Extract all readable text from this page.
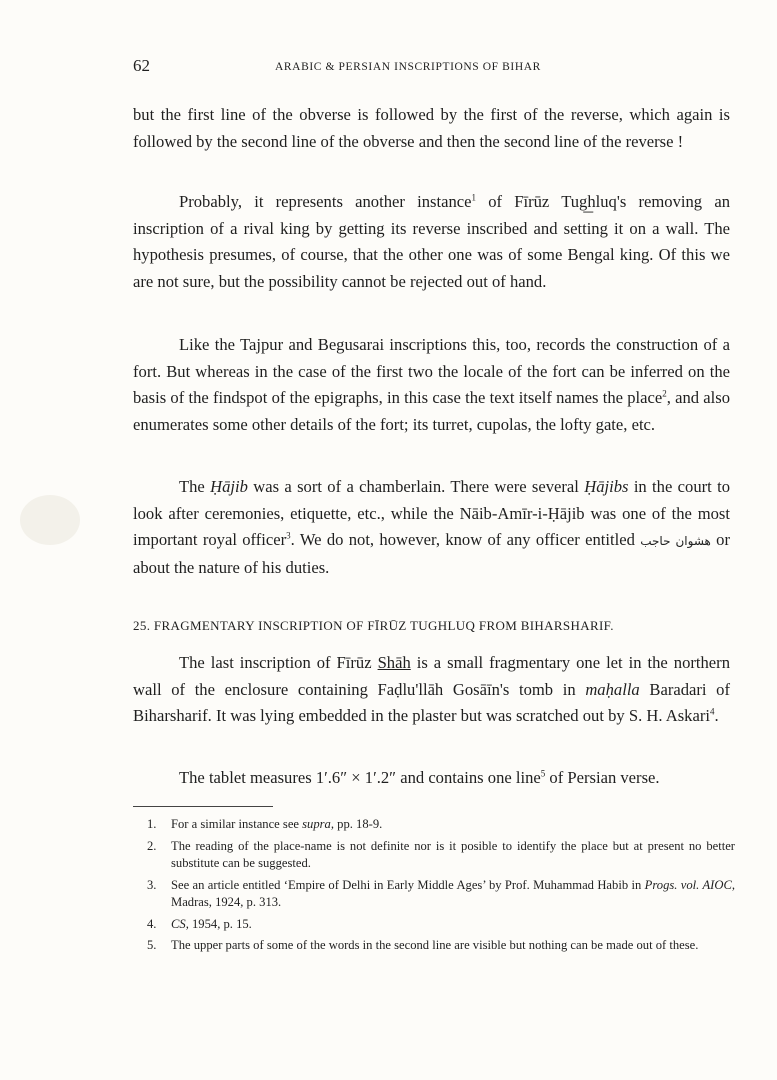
62	ARABIC & PERSIAN INSCRIPTIONS OF BIHAR

but the first line of the obverse is followed by the first of the reverse, which again is followed by the second line of the obverse and then the second line of the reverse !

Probably, it represents another instance$^1$ of Fīrūz Tug͟hluq's removing an inscription of a rival king by getting its reverse inscribed and setting it on a wall. The hypothesis presumes, of course, that the other one was of some Bengal king. Of this we are not sure, but the possibility cannot be rejected out of hand.

Like the Tajpur and Begusarai inscriptions this, too, records the construction of a fort. But whereas in the case of the first two the locale of the fort can be inferred on the basis of the findspot of the epigraphs, in this case the text itself names the place$^2$, and also enumerates some other details of the fort; its turret, cupolas, the lofty gate, etc.

The Ḥājib was a sort of a chamberlain. There were several Ḥājibs in the court to look after ceremonies, etiquette, etc., while the Nāib-Amīr-i-Ḥājib was one of the most important royal officer$^3$. We do not, however, know of any officer entitled هشوان حاجب or about the nature of his duties.

25. FRAGMENTARY INSCRIPTION OF FĪRŪZ TUGHLUQ FROM BIHARSHARIF.

The last inscription of Fīrūz Shāh is a small fragmentary one let in the northern wall of the enclosure containing Faḍlu'llāh Gosāīn's tomb in maḥalla Baradari of Biharsharif. It was lying embedded in the plaster but was scratched out by S. H. Askari$^4$.

The tablet measures 1′.6″ × 1′.2″ and contains one line$^5$ of Persian verse.

1. For a similar instance see supra, pp. 18-9.
2. The reading of the place-name is not definite nor is it posible to identify the place but at present no better substitute can be suggested.
3. See an article entitled ‘Empire of Delhi in Early Middle Ages’ by Prof. Muhammad Habib in Progs. vol. AIOC, Madras, 1924, p. 313.
4. CS, 1954, p. 15.
5. The upper parts of some of the words in the second line are visible but nothing can be made out of these.
